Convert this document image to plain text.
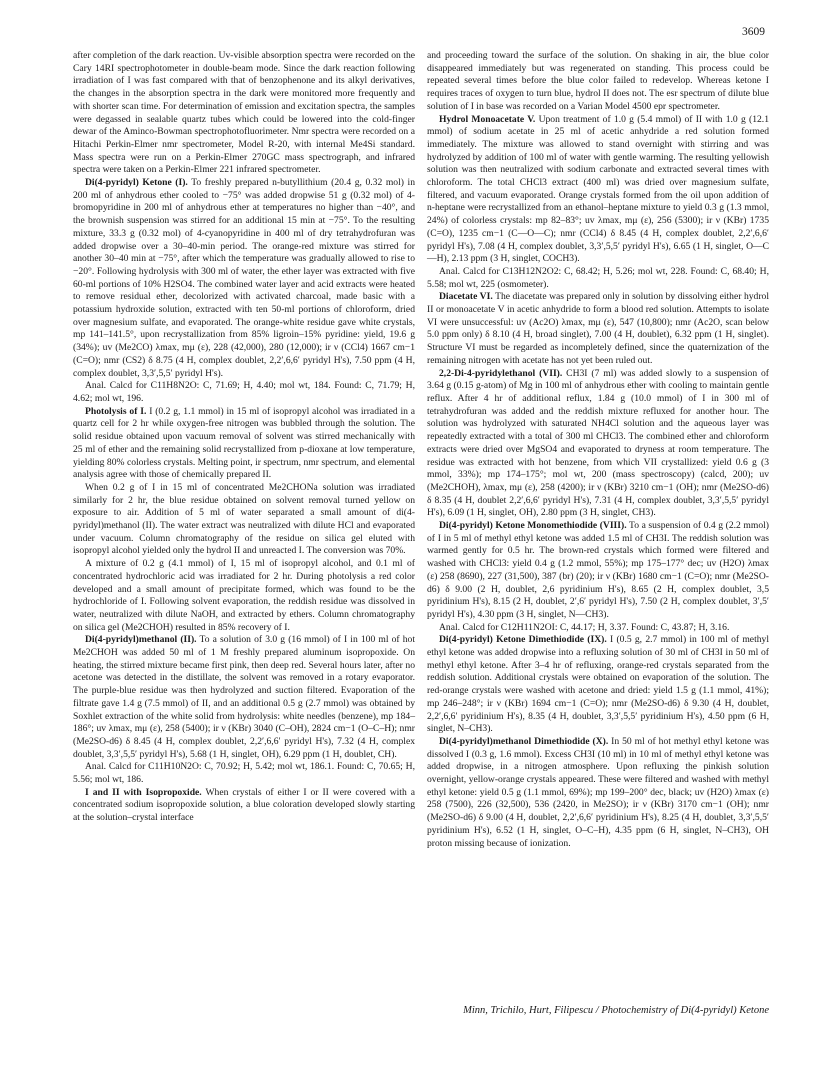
3609

after completion of the dark reaction. Uv-visible absorption spectra were recorded on the Cary 14RI spectrophotometer in double-beam mode. Since the dark reaction following irradiation of I was fast compared with that of benzophenone and its alkyl derivatives, the changes in the absorption spectra in the dark were monitored more frequently and with shorter scan time. For determination of emission and excitation spectra, the samples were degassed in sealable quartz tubes which could be lowered into the cold-finger dewar of the Aminco-Bowman spectrophotofluorimeter. Nmr spectra were recorded on a Hitachi Perkin-Elmer nmr spectrometer, Model R-20, with internal Me4Si standard. Mass spectra were run on a Perkin-Elmer 270GC mass spectrograph, and infrared spectra were taken on a Perkin-Elmer 221 infrared spectrometer.

Di(4-pyridyl) Ketone (I). To freshly prepared n-butyllithium (20.4 g, 0.32 mol) in 200 ml of anhydrous ether cooled to −75° was added dropwise 51 g (0.32 mol) of 4-bromopyridine in 200 ml of anhydrous ether at temperatures no higher than −40°, and the brownish suspension was stirred for an additional 15 min at −75°. To the resulting mixture, 33.3 g (0.32 mol) of 4-cyanopyridine in 400 ml of dry tetrahydrofuran was added dropwise over a 30–40-min period. The orange-red mixture was stirred for another 30–40 min at −75°, after which the temperature was gradually allowed to rise to −20°. Following hydrolysis with 300 ml of water, the ether layer was extracted with five 60-ml portions of 10% H2SO4. The combined water layer and acid extracts were heated to remove residual ether, decolorized with activated charcoal, made basic with a potassium hydroxide solution, extracted with ten 50-ml portions of chloroform, dried over magnesium sulfate, and evaporated. The orange-white residue gave white crystals, mp 141–141.5°, upon recrystallization from 85% ligroin–15% pyridine: yield, 19.6 g (34%); uv (Me2CO) λmax, mμ (ε), 228 (42,000), 280 (12,000); ir ν (CCl4) 1667 cm−1 (C=O); nmr (CS2) δ 8.75 (4 H, complex doublet, 2,2′,6,6′ pyridyl H's), 7.50 ppm (4 H, complex doublet, 3,3′,5,5′ pyridyl H's).

Anal. Calcd for C11H8N2O: C, 71.69; H, 4.40; mol wt, 184. Found: C, 71.79; H, 4.62; mol wt, 196.

Photolysis of I. I (0.2 g, 1.1 mmol) in 15 ml of isopropyl alcohol was irradiated in a quartz cell for 2 hr while oxygen-free nitrogen was bubbled through the solution. The solid residue obtained upon vacuum removal of solvent was stirred mechanically with 25 ml of ether and the remaining solid recrystallized from p-dioxane at low temperature, yielding 80% colorless crystals. Melting point, ir spectrum, nmr spectrum, and elemental analysis agree with those of chemically prepared II.

When 0.2 g of I in 15 ml of concentrated Me2CHONa solution was irradiated similarly for 2 hr, the blue residue obtained on solvent removal turned yellow on exposure to air. Addition of 5 ml of water separated a small amount of di(4-pyridyl)methanol (II). The water extract was neutralized with dilute HCl and evaporated under vacuum. Column chromatography of the residue on silica gel eluted with isopropyl alcohol yielded only the hydrol II and unreacted I. The conversion was 70%.

A mixture of 0.2 g (4.1 mmol) of I, 15 ml of isopropyl alcohol, and 0.1 ml of concentrated hydrochloric acid was irradiated for 2 hr. During photolysis a red color developed and a small amount of precipitate formed, which was found to be the hydrochloride of I. Following solvent evaporation, the reddish residue was dissolved in water, neutralized with dilute NaOH, and extracted by ethers. Column chromatography on silica gel (Me2CHOH) resulted in 85% recovery of I.

Di(4-pyridyl)methanol (II). To a solution of 3.0 g (16 mmol) of I in 100 ml of hot Me2CHOH was added 50 ml of 1 M freshly prepared aluminum isopropoxide. On heating, the stirred mixture became first pink, then deep red. Several hours later, after no acetone was detected in the distillate, the solvent was removed in a rotary evaporator. The purple-blue residue was then hydrolyzed and suction filtered. Evaporation of the filtrate gave 1.4 g (7.5 mmol) of II, and an additional 0.5 g (2.7 mmol) was obtained by Soxhlet extraction of the white solid from hydrolysis: white needles (benzene), mp 184–186°; uv λmax, mμ (ε), 258 (5400); ir ν (KBr) 3040 (C–OH), 2824 cm−1 (O–C–H); nmr (Me2SO-d6) δ 8.45 (4 H, complex doublet, 2,2′,6,6′ pyridyl H's), 7.32 (4 H, complex doublet, 3,3′,5,5′ pyridyl H's), 5.68 (1 H, singlet, OH), 6.29 ppm (1 H, doublet, CH).

Anal. Calcd for C11H10N2O: C, 70.92; H, 5.42; mol wt, 186.1. Found: C, 70.65; H, 5.56; mol wt, 186.

I and II with Isopropoxide. When crystals of either I or II were covered with a concentrated sodium isopropoxide solution, a blue coloration developed slowly starting at the solution–crystal interface

and proceeding toward the surface of the solution. On shaking in air, the blue color disappeared immediately but was regenerated on standing. This process could be repeated several times before the blue color failed to redevelop. Whereas ketone I requires traces of oxygen to turn blue, hydrol II does not. The esr spectrum of dilute blue solution of I in base was recorded on a Varian Model 4500 epr spectrometer.

Hydrol Monoacetate V. Upon treatment of 1.0 g (5.4 mmol) of II with 1.0 g (12.1 mmol) of sodium acetate in 25 ml of acetic anhydride a red solution formed immediately. The mixture was allowed to stand overnight with stirring and was hydrolyzed by addition of 100 ml of water with gentle warming. The resulting yellowish solution was then neutralized with sodium carbonate and extracted several times with chloroform. The total CHCl3 extract (400 ml) was dried over magnesium sulfate, filtered, and vacuum evaporated. Orange crystals formed from the oil upon addition of n-heptane were recrystallized from an ethanol–heptane mixture to yield 0.3 g (1.3 mmol, 24%) of colorless crystals: mp 82–83°; uv λmax, mμ (ε), 256 (5300); ir ν (KBr) 1735 (C=O), 1235 cm−1 (C—O—C); nmr (CCl4) δ 8.45 (4 H, complex doublet, 2,2′,6,6′ pyridyl H's), 7.08 (4 H, complex doublet, 3,3′,5,5′ pyridyl H's), 6.65 (1 H, singlet, O—C—H), 2.13 ppm (3 H, singlet, COCH3).

Anal. Calcd for C13H12N2O2: C, 68.42; H, 5.26; mol wt, 228. Found: C, 68.40; H, 5.58; mol wt, 225 (osmometer).

Diacetate VI. The diacetate was prepared only in solution by dissolving either hydrol II or monoacetate V in acetic anhydride to form a blood red solution. Attempts to isolate VI were unsuccessful: uv (Ac2O) λmax, mμ (ε), 547 (10,800); nmr (Ac2O, scan below 5.0 ppm only) δ 8.10 (4 H, broad singlet), 7.00 (4 H, doublet), 6.32 ppm (1 H, singlet). Structure VI must be regarded as incompletely defined, since the quaternization of the remaining nitrogen with acetate has not yet been ruled out.

2,2-Di-4-pyridylethanol (VII). CH3I (7 ml) was added slowly to a suspension of 3.64 g (0.15 g-atom) of Mg in 100 ml of anhydrous ether with cooling to maintain gentle reflux. After 4 hr of additional reflux, 1.84 g (10.0 mmol) of I in 300 ml of tetrahydrofuran was added and the reddish mixture refluxed for another hour. The solution was hydrolyzed with saturated NH4Cl solution and the aqueous layer was repeatedly extracted with a total of 300 ml CHCl3. The combined ether and chloroform extracts were dried over MgSO4 and evaporated to dryness at room temperature. The residue was extracted with hot benzene, from which VII crystallized: yield 0.6 g (3 mmol, 33%); mp 174–175°; mol wt, 200 (mass spectroscopy) (calcd, 200); uv (Me2CHOH), λmax, mμ (ε), 258 (4200); ir ν (KBr) 3210 cm−1 (OH); nmr (Me2SO-d6) δ 8.35 (4 H, doublet 2,2′,6,6′ pyridyl H's), 7.31 (4 H, complex doublet, 3,3′,5,5′ pyridyl H's), 6.09 (1 H, singlet, OH), 2.80 ppm (3 H, singlet, CH3).

Di(4-pyridyl) Ketone Monomethiodide (VIII). To a suspension of 0.4 g (2.2 mmol) of I in 5 ml of methyl ethyl ketone was added 1.5 ml of CH3I. The reddish solution was warmed gently for 0.5 hr. The brown-red crystals which formed were filtered and washed with CHCl3: yield 0.4 g (1.2 mmol, 55%); mp 175–177° dec; uv (H2O) λmax (ε) 258 (8690), 227 (31,500), 387 (br) (20); ir ν (KBr) 1680 cm−1 (C=O); nmr (Me2SO-d6) δ 9.00 (2 H, doublet, 2,6 pyridinium H's), 8.65 (2 H, complex doublet, 3,5 pyridinium H's), 8.15 (2 H, doublet, 2′,6′ pyridyl H's), 7.50 (2 H, complex doublet, 3′,5′ pyridyl H's), 4.30 ppm (3 H, singlet, N—CH3).

Anal. Calcd for C12H11N2OI: C, 44.17; H, 3.37. Found: C, 43.87; H, 3.16.

Di(4-pyridyl) Ketone Dimethiodide (IX). I (0.5 g, 2.7 mmol) in 100 ml of methyl ethyl ketone was added dropwise into a refluxing solution of 30 ml of CH3I in 50 ml of methyl ethyl ketone. After 3–4 hr of refluxing, orange-red crystals separated from the reddish solution. Additional crystals were obtained on evaporation of the solution. The red-orange crystals were washed with acetone and dried: yield 1.5 g (1.1 mmol, 41%); mp 246–248°; ir ν (KBr) 1694 cm−1 (C=O); nmr (Me2SO-d6) δ 9.30 (4 H, doublet, 2,2′,6,6′ pyridinium H's), 8.35 (4 H, doublet, 3,3′,5,5′ pyridinium H's), 4.50 ppm (6 H, singlet, N–CH3).

Di(4-pyridyl)methanol Dimethiodide (X). In 50 ml of hot methyl ethyl ketone was dissolved I (0.3 g, 1.6 mmol). Excess CH3I (10 ml) in 10 ml of methyl ethyl ketone was added dropwise, in a nitrogen atmosphere. Upon refluxing the pinkish solution overnight, yellow-orange crystals appeared. These were filtered and washed with methyl ethyl ketone: yield 0.5 g (1.1 mmol, 69%); mp 199–200° dec, black; uv (H2O) λmax (ε) 258 (7500), 226 (32,500), 536 (2420, in Me2SO); ir ν (KBr) 3170 cm−1 (OH); nmr (Me2SO-d6) δ 9.00 (4 H, doublet, 2,2′,6,6′ pyridinium H's), 8.25 (4 H, doublet, 3,3′,5,5′ pyridinium H's), 6.52 (1 H, singlet, O–C–H), 4.35 ppm (6 H, singlet, N–CH3), OH proton missing because of ionization.

Minn, Trichilo, Hurt, Filipescu / Photochemistry of Di(4-pyridyl) Ketone
